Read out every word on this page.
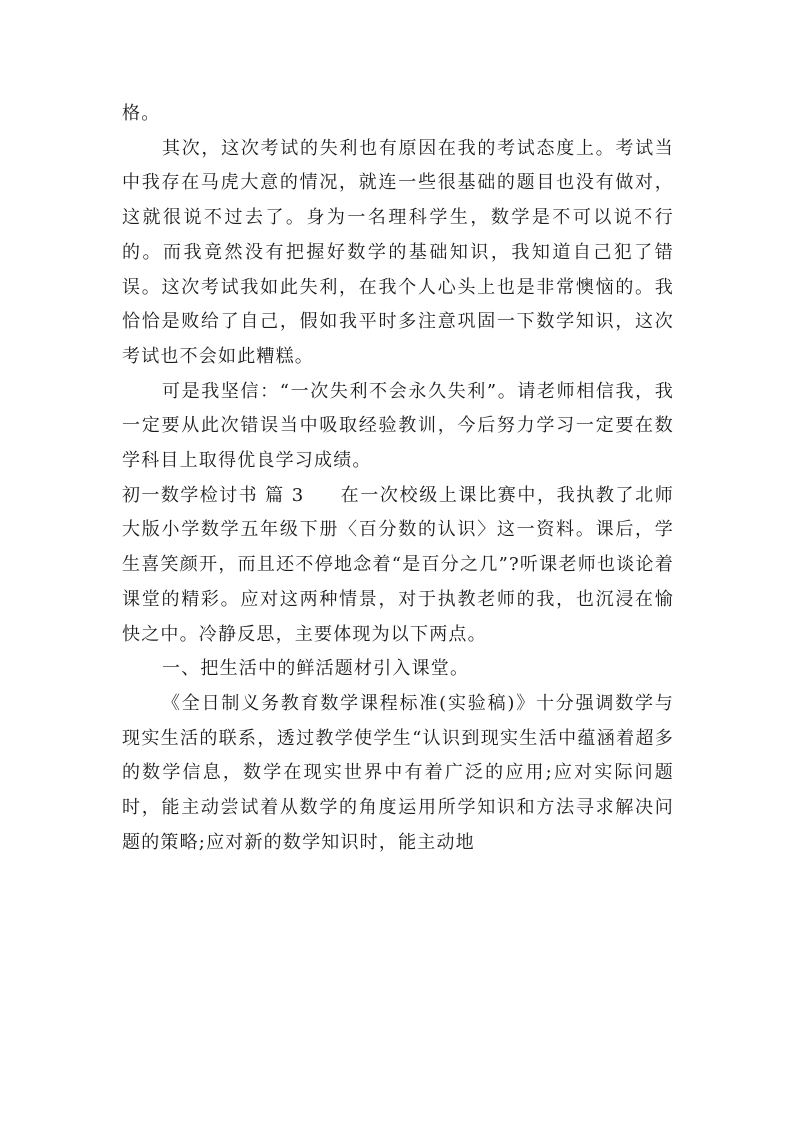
格。

其次，这次考试的失利也有原因在我的考试态度上。考试当中我存在马虎大意的情况，就连一些很基础的题目也没有做对，这就很说不过去了。身为一名理科学生，数学是不可以说不行的。而我竟然没有把握好数学的基础知识，我知道自己犯了错误。这次考试我如此失利，在我个人心头上也是非常懊恼的。我恰恰是败给了自己，假如我平时多注意巩固一下数学知识，这次考试也不会如此糟糕。

可是我坚信：“一次失利不会永久失利”。请老师相信我，我一定要从此次错误当中吸取经验教训，今后努力学习一定要在数学科目上取得优良学习成绩。

初一数学检讨书 篇 3 在一次校级上课比赛中，我执教了北师大版小学数学五年级下册〈百分数的认识〉这一资料。课后，学生喜笑颜开，而且还不停地念着“是百分之几”?听课老师也谈论着课堂的精彩。应对这两种情景，对于执教老师的我，也沉浸在愉快之中。冷静反思，主要体现为以下两点。

一、把生活中的鲜活题材引入课堂。

《全日制义务教育数学课程标准(实验稿)》十分强调数学与现实生活的联系，透过教学使学生“认识到现实生活中蕴涵着超多的数学信息，数学在现实世界中有着广泛的应用;应对实际问题时，能主动尝试着从数学的角度运用所学知识和方法寻求解决问题的策略;应对新的数学知识时，能主动地
